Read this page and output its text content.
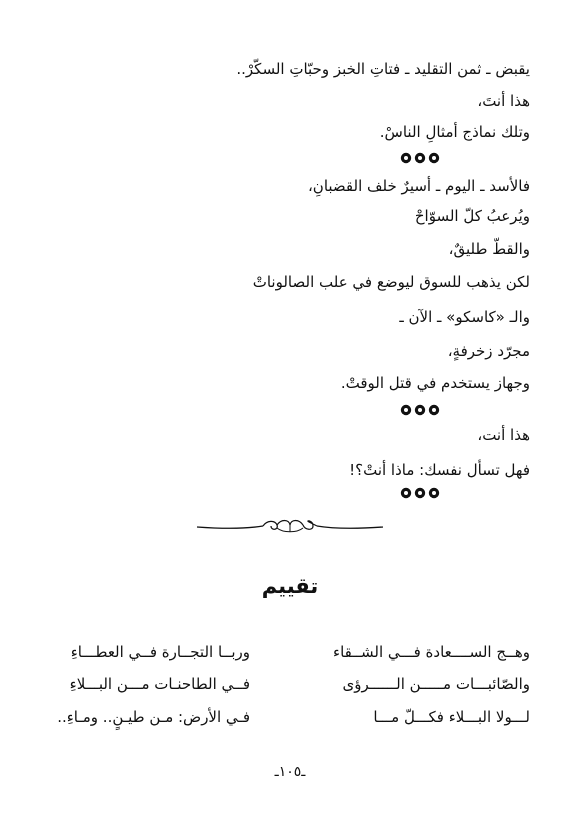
يقبض ـ ثمن التقليد ـ فتاتِ الخبز وحبّاتِ السكّرْ..
هذا أنتَ،
وتلك نماذج أمثالِ الناسْ.
فالأسد ـ اليوم ـ أسيرٌ خلف القضبانِ،
ويُرعبُ كلّ السوّاحْ
والقطّ طليقٌ،
لكن يذهب للسوق ليوضع في علب الصالوناتْ
والـ «كاسكو» ـ الآن ـ
مجرّد زخرفةٍ،
وجهاز يستخدم في قتل الوقتْ.
هذا أنت،
فهل تسأل نفسك: ماذا أنتْ؟!
تقييم
وهــج الســــعادة فـــي الشــقاء
وربــا التجــارة فــي العطـــاءِ
والصّائبـــات مـــــن الــــــرؤى
فــي الطاحنـات مـــن البـــلاءِ
لـــولا البـــلاء فكـــلّ مـــا
فـي الأرض: مـن طيـنٍ.. ومـاءِ..
ـ١٠٥ـ
